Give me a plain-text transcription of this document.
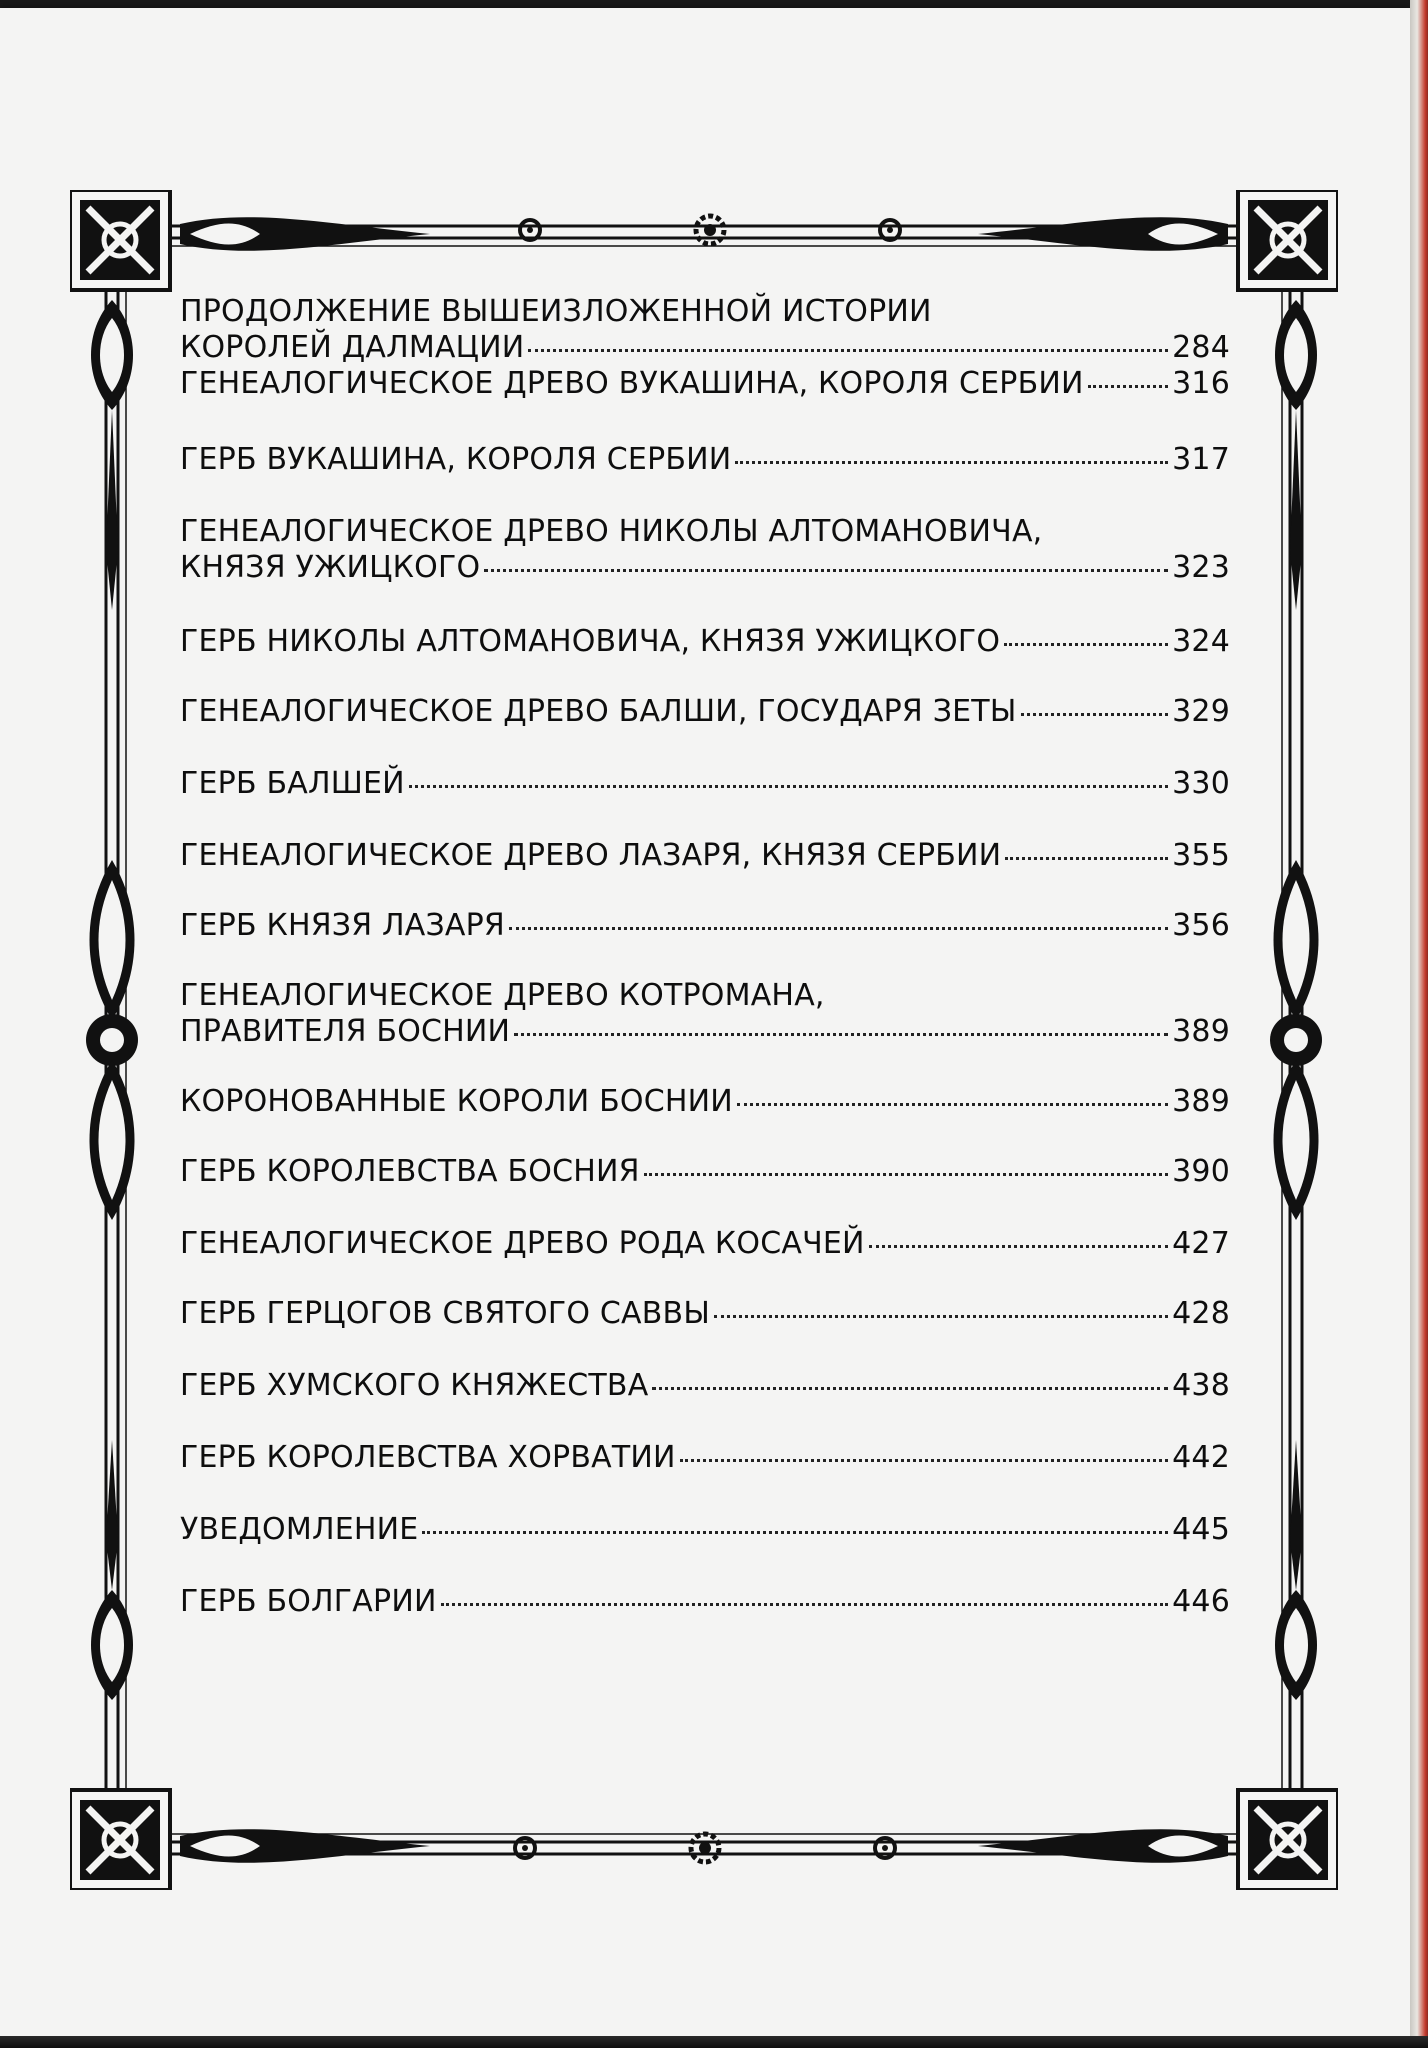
ПРОДОЛЖЕНИЕ ВЫШЕИЗЛОЖЕННОЙ ИСТОРИИ
КОРОЛЕЙ ДАЛМАЦИИ	284
ГЕНЕАЛОГИЧЕСКОЕ ДРЕВО ВУКАШИНА, КОРОЛЯ СЕРБИИ	316
ГЕРБ ВУКАШИНА, КОРОЛЯ СЕРБИИ	317
ГЕНЕАЛОГИЧЕСКОЕ ДРЕВО НИКОЛЫ АЛТОМАНОВИЧА,
КНЯЗЯ УЖИЦКОГО	323
ГЕРБ НИКОЛЫ АЛТОМАНОВИЧА, КНЯЗЯ УЖИЦКОГО	324
ГЕНЕАЛОГИЧЕСКОЕ ДРЕВО БАЛШИ, ГОСУДАРЯ ЗЕТЫ	329
ГЕРБ БАЛШЕЙ	330
ГЕНЕАЛОГИЧЕСКОЕ ДРЕВО ЛАЗАРЯ, КНЯЗЯ СЕРБИИ	355
ГЕРБ КНЯЗЯ ЛАЗАРЯ	356
ГЕНЕАЛОГИЧЕСКОЕ ДРЕВО КОТРОМАНА,
ПРАВИТЕЛЯ БОСНИИ	389
КОРОНОВАННЫЕ КОРОЛИ БОСНИИ	389
ГЕРБ КОРОЛЕВСТВА БОСНИЯ	390
ГЕНЕАЛОГИЧЕСКОЕ ДРЕВО РОДА КОСАЧЕЙ	427
ГЕРБ ГЕРЦОГОВ СВЯТОГО САВВЫ	428
ГЕРБ ХУМСКОГО КНЯЖЕСТВА	438
ГЕРБ КОРОЛЕВСТВА ХОРВАТИИ	442
УВЕДОМЛЕНИЕ	445
ГЕРБ БОЛГАРИИ	446
